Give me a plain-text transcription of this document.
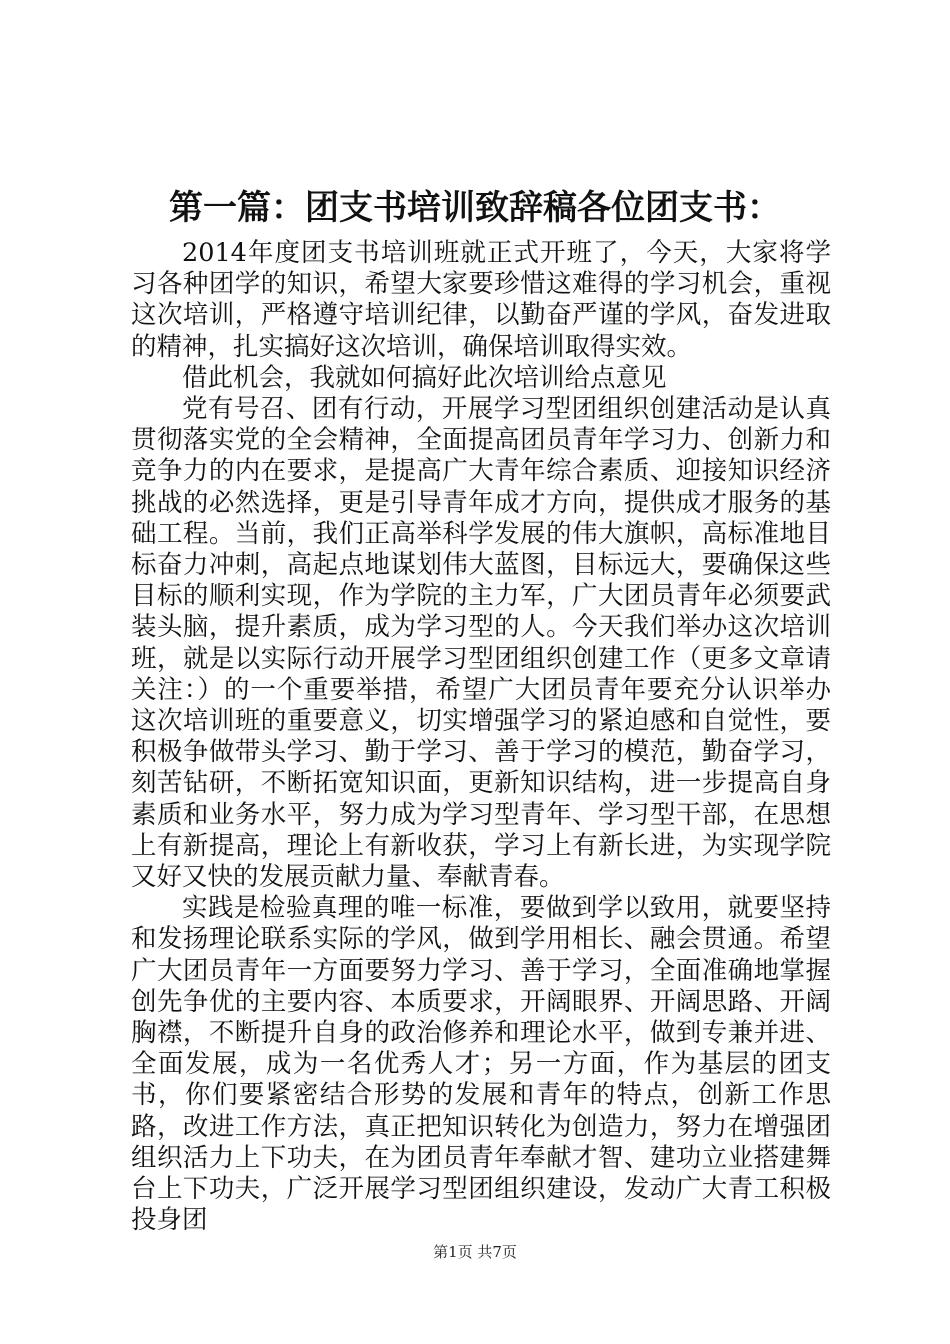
第一篇：团支书培训致辞稿各位团支书：

2014年度团支书培训班就正式开班了，今天，大家将学习各种团学的知识，希望大家要珍惜这难得的学习机会，重视这次培训，严格遵守培训纪律，以勤奋严谨的学风，奋发进取的精神，扎实搞好这次培训，确保培训取得实效。

借此机会，我就如何搞好此次培训给点意见

党有号召、团有行动，开展学习型团组织创建活动是认真贯彻落实党的全会精神，全面提高团员青年学习力、创新力和竞争力的内在要求，是提高广大青年综合素质、迎接知识经济挑战的必然选择，更是引导青年成才方向，提供成才服务的基础工程。当前，我们正高举科学发展的伟大旗帜，高标准地目标奋力冲刺，高起点地谋划伟大蓝图，目标远大，要确保这些目标的顺利实现，作为学院的主力军，广大团员青年必须要武装头脑，提升素质，成为学习型的人。今天我们举办这次培训班，就是以实际行动开展学习型团组织创建工作（更多文章请关注：）的一个重要举措，希望广大团员青年要充分认识举办这次培训班的重要意义，切实增强学习的紧迫感和自觉性，要积极争做带头学习、勤于学习、善于学习的模范，勤奋学习，刻苦钻研，不断拓宽知识面，更新知识结构，进一步提高自身素质和业务水平，努力成为学习型青年、学习型干部，在思想上有新提高，理论上有新收获，学习上有新长进，为实现学院又好又快的发展贡献力量、奉献青春。

实践是检验真理的唯一标准，要做到学以致用，就要坚持和发扬理论联系实际的学风，做到学用相长、融会贯通。希望广大团员青年一方面要努力学习、善于学习，全面准确地掌握创先争优的主要内容、本质要求，开阔眼界、开阔思路、开阔胸襟，不断提升自身的政治修养和理论水平，做到专兼并进、全面发展，成为一名优秀人才；另一方面，作为基层的团支书，你们要紧密结合形势的发展和青年的特点，创新工作思路，改进工作方法，真正把知识转化为创造力，努力在增强团组织活力上下功夫，在为团员青年奉献才智、建功立业搭建舞台上下功夫，广泛开展学习型团组织建设，发动广大青工积极投身团

第1页 共7页
